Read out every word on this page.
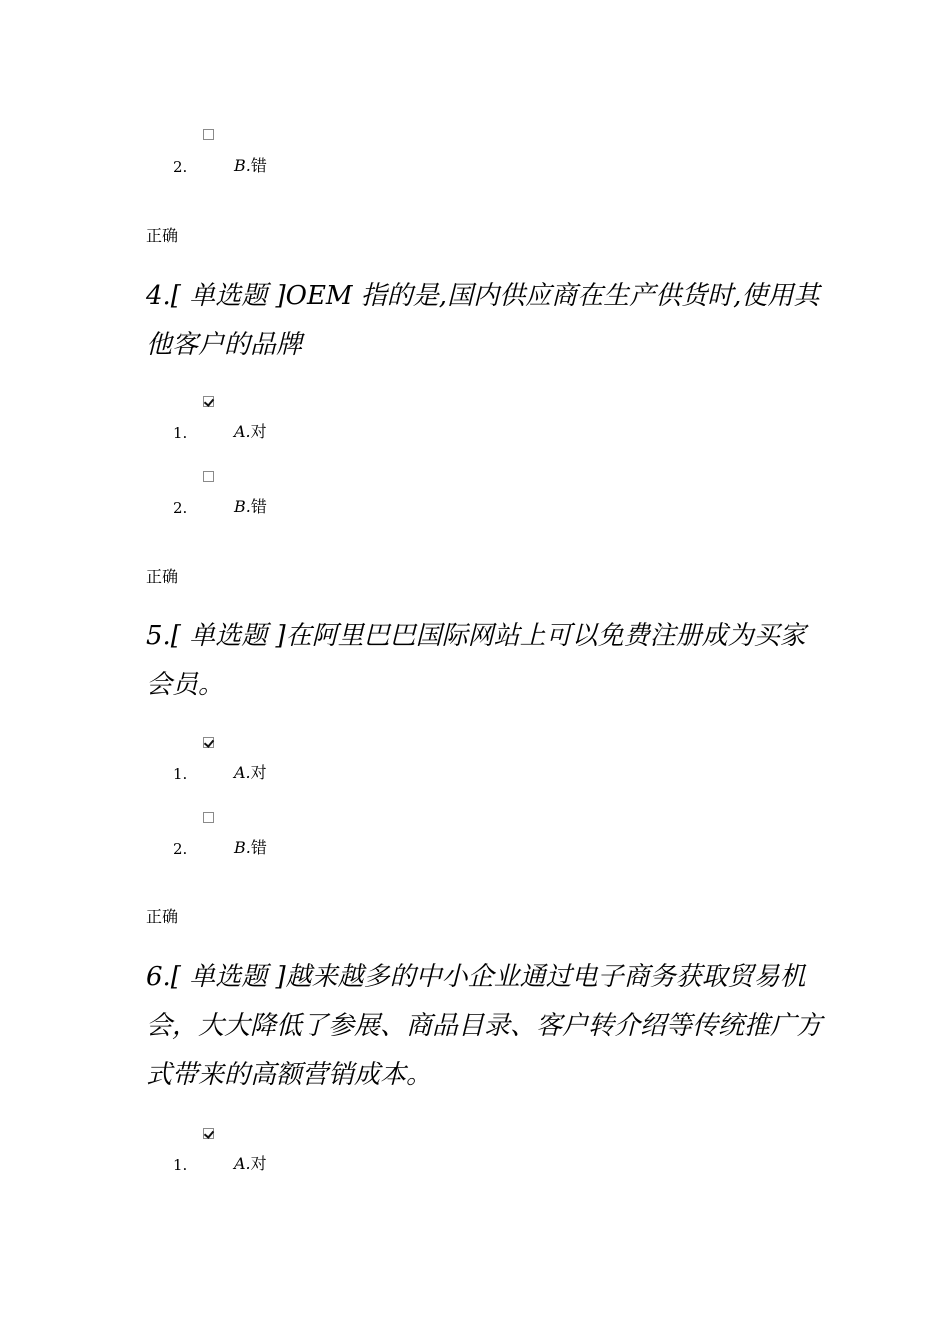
2.	B.错
正确
4.[ 单选题 ]OEM 指的是,国内供应商在生产供货时,使用其他客户的品牌
1.	A.对
2.	B.错
正确
5.[ 单选题 ]在阿里巴巴国际网站上可以免费注册成为买家会员。
1.	A.对
2.	B.错
正确
6.[ 单选题 ]越来越多的中小企业通过电子商务获取贸易机会，大大降低了参展、商品目录、客户转介绍等传统推广方式带来的高额营销成本。
1.	A.对
